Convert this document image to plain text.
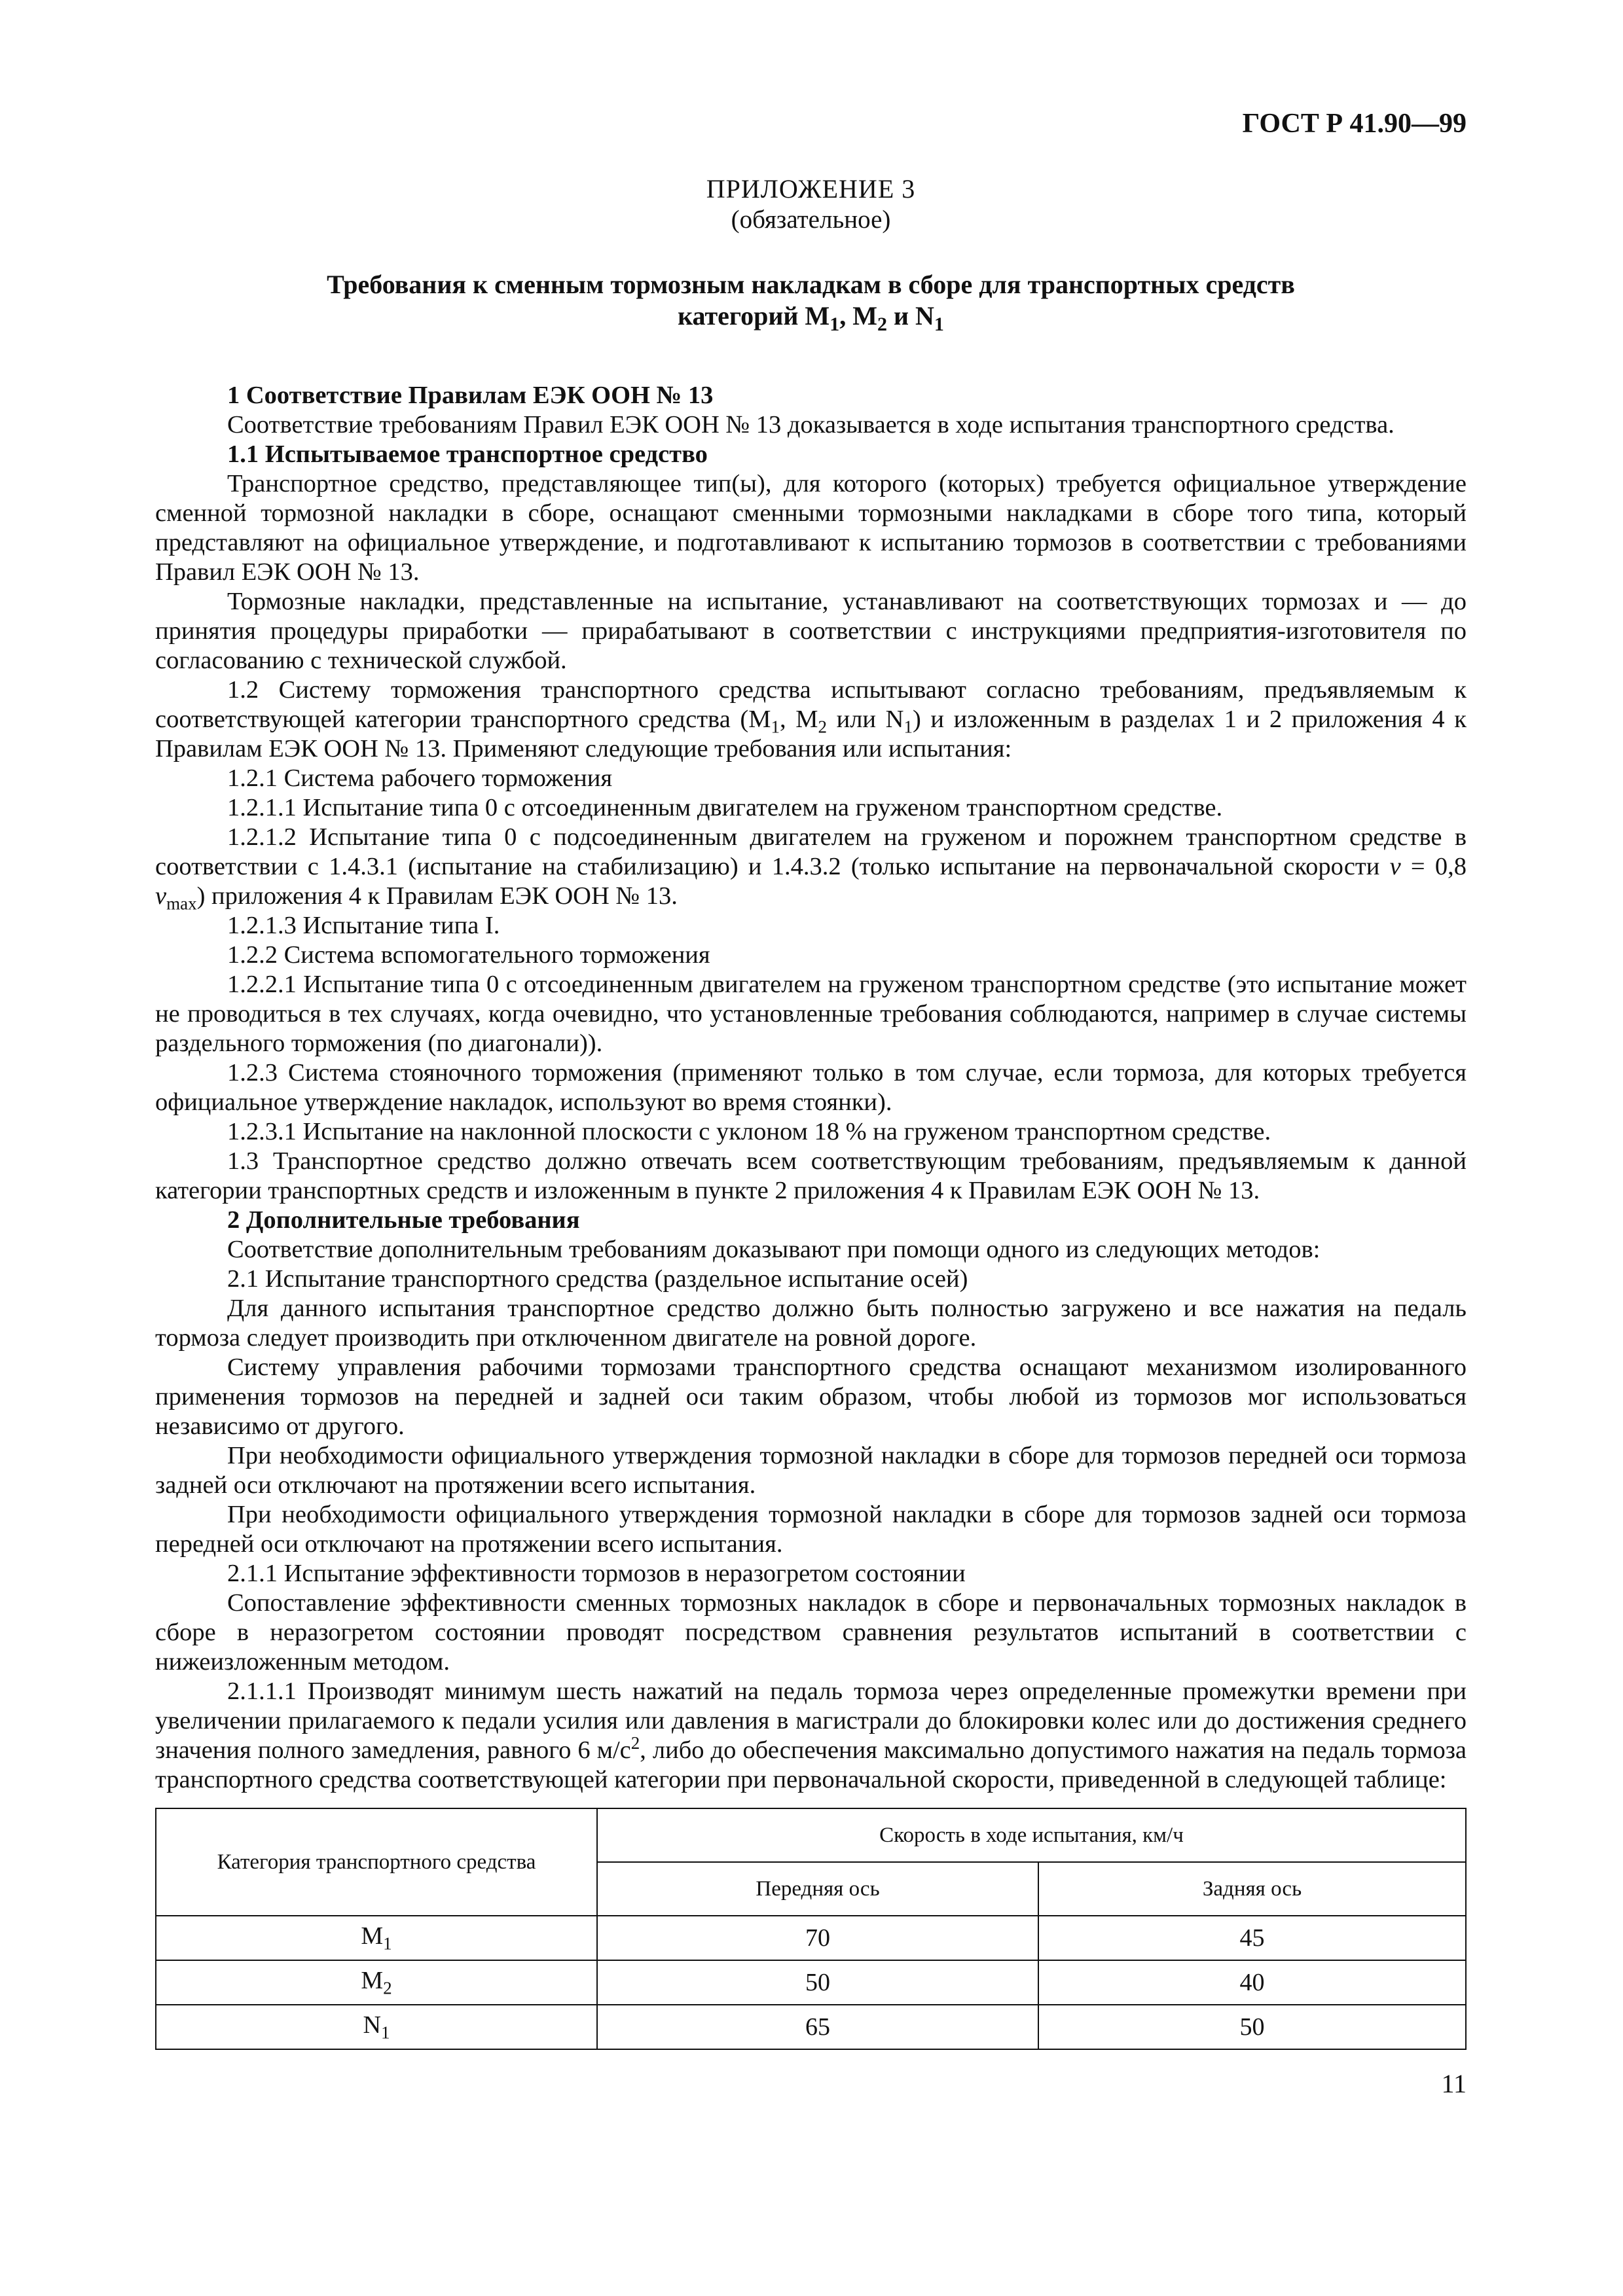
ГОСТ Р 41.90—99
ПРИЛОЖЕНИЕ 3
(обязательное)
Требования к сменным тормозным накладкам в сборе для транспортных средств
категорий $М_1$, $М_2$ и $N_1$

1 Соответствие Правилам ЕЭК ООН № 13

Соответствие требованиям Правил ЕЭК ООН № 13 доказывается в ходе испытания транспортного средства.

1.1 Испытываемое транспортное средство

Транспортное средство, представляющее тип(ы), для которого (которых) требуется официальное утверждение сменной тормозной накладки в сборе, оснащают сменными тормозными накладками в сборе того типа, который представляют на официальное утверждение, и подготавливают к испытанию тормозов в соответствии с требованиями Правил ЕЭК ООН № 13.

Тормозные накладки, представленные на испытание, устанавливают на соответствующих тормозах и — до принятия процедуры приработки — прирабатывают в соответствии с инструкциями предприятия-изготовителя по согласованию с технической службой.

1.2 Систему торможения транспортного средства испытывают согласно требованиям, предъявляемым к соответствующей категории транспортного средства ($М_1$, $М_2$ или $N_1$) и изложенным в разделах 1 и 2 приложения 4 к Правилам ЕЭК ООН № 13. Применяют следующие требования или испытания:

1.2.1 Система рабочего торможения

1.2.1.1 Испытание типа 0 с отсоединенным двигателем на груженом транспортном средстве.

1.2.1.2 Испытание типа 0 с подсоединенным двигателем на груженом и порожнем транспортном средстве в соответствии с 1.4.3.1 (испытание на стабилизацию) и 1.4.3.2 (только испытание на первоначальной скорости v = 0,8 $v_{max}$) приложения 4 к Правилам ЕЭК ООН № 13.

1.2.1.3 Испытание типа I.

1.2.2 Система вспомогательного торможения

1.2.2.1 Испытание типа 0 с отсоединенным двигателем на груженом транспортном средстве (это испытание может не проводиться в тех случаях, когда очевидно, что установленные требования соблюдаются, например в случае системы раздельного торможения (по диагонали)).

1.2.3 Система стояночного торможения (применяют только в том случае, если тормоза, для которых требуется официальное утверждение накладок, используют во время стоянки).

1.2.3.1 Испытание на наклонной плоскости с уклоном 18 % на груженом транспортном средстве.

1.3 Транспортное средство должно отвечать всем соответствующим требованиям, предъявляемым к данной категории транспортных средств и изложенным в пункте 2 приложения 4 к Правилам ЕЭК ООН № 13.

2 Дополнительные требования

Соответствие дополнительным требованиям доказывают при помощи одного из следующих методов:

2.1 Испытание транспортного средства (раздельное испытание осей)

Для данного испытания транспортное средство должно быть полностью загружено и все нажатия на педаль тормоза следует производить при отключенном двигателе на ровной дороге.

Систему управления рабочими тормозами транспортного средства оснащают механизмом изолированного применения тормозов на передней и задней оси таким образом, чтобы любой из тормозов мог использоваться независимо от другого.

При необходимости официального утверждения тормозной накладки в сборе для тормозов передней оси тормоза задней оси отключают на протяжении всего испытания.

При необходимости официального утверждения тормозной накладки в сборе для тормозов задней оси тормоза передней оси отключают на протяжении всего испытания.

2.1.1 Испытание эффективности тормозов в неразогретом состоянии

Сопоставление эффективности сменных тормозных накладок в сборе и первоначальных тормозных накладок в сборе в неразогретом состоянии проводят посредством сравнения результатов испытаний в соответствии с нижеизложенным методом.

2.1.1.1 Производят минимум шесть нажатий на педаль тормоза через определенные промежутки времени при увеличении прилагаемого к педали усилия или давления в магистрали до блокировки колес или до достижения среднего значения полного замедления, равного 6 $м/с^2$, либо до обеспечения максимально допустимого нажатия на педаль тормоза транспортного средства соответствующей категории при первоначальной скорости, приведенной в следующей таблице:

Категория транспортного средства	Скорость в ходе испытания, км/ч	
	Передняя ось	Задняя ось
$M_1$	70	45
$M_2$	50	40
$N_1$	65	50
11
